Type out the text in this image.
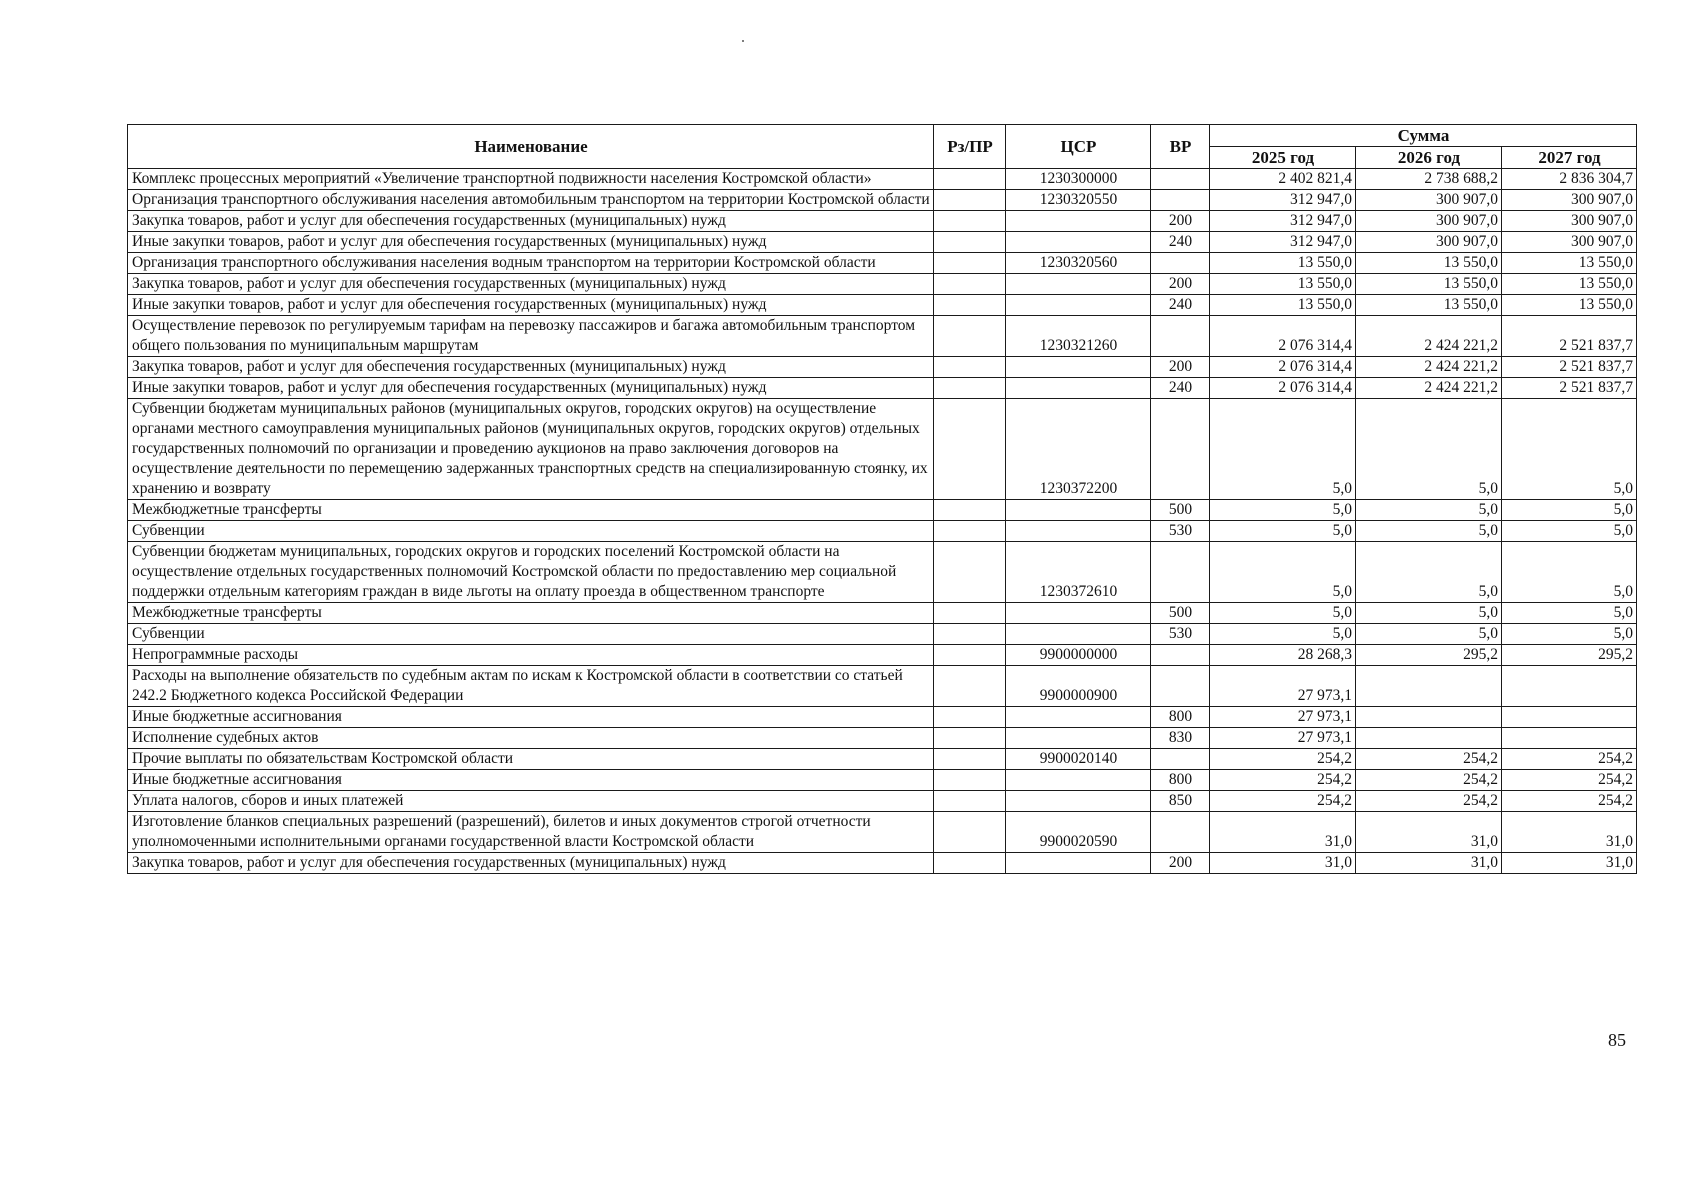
Наименование	Рз/ПР	ЦСР	ВР	Сумма		
				2025 год	2026 год	2027 год
Комплекс процессных мероприятий «Увеличение транспортной подвижности населения Костромской области»		1230300000		2 402 821,4	2 738 688,2	2 836 304,7
Организация транспортного обслуживания населения автомобильным транспортом на территории Костромской области		1230320550		312 947,0	300 907,0	300 907,0
Закупка товаров, работ и услуг для обеспечения государственных (муниципальных) нужд			200	312 947,0	300 907,0	300 907,0
Иные закупки товаров, работ и услуг для обеспечения государственных (муниципальных) нужд			240	312 947,0	300 907,0	300 907,0
Организация транспортного обслуживания населения водным транспортом на территории Костромской области		1230320560		13 550,0	13 550,0	13 550,0
Закупка товаров, работ и услуг для обеспечения государственных (муниципальных) нужд			200	13 550,0	13 550,0	13 550,0
Иные закупки товаров, работ и услуг для обеспечения государственных (муниципальных) нужд			240	13 550,0	13 550,0	13 550,0
Осуществление перевозок по регулируемым тарифам на перевозку пассажиров и багажа автомобильным транспортом общего пользования по муниципальным маршрутам		1230321260		2 076 314,4	2 424 221,2	2 521 837,7
Закупка товаров, работ и услуг для обеспечения государственных (муниципальных) нужд			200	2 076 314,4	2 424 221,2	2 521 837,7
Иные закупки товаров, работ и услуг для обеспечения государственных (муниципальных) нужд			240	2 076 314,4	2 424 221,2	2 521 837,7
Субвенции бюджетам муниципальных районов (муниципальных округов, городских округов) на осуществление органами местного самоуправления муниципальных районов (муниципальных округов, городских округов) отдельных государственных полномочий по организации и проведению аукционов на право заключения договоров на осуществление деятельности по перемещению задержанных транспортных средств на специализированную стоянку, их хранению и возврату		1230372200		5,0	5,0	5,0
Межбюджетные трансферты			500	5,0	5,0	5,0
Субвенции			530	5,0	5,0	5,0
Субвенции бюджетам муниципальных, городских округов и городских поселений Костромской области на осуществление отдельных государственных полномочий Костромской области по предоставлению мер социальной поддержки отдельным категориям граждан в виде льготы на оплату проезда в общественном транспорте		1230372610		5,0	5,0	5,0
Межбюджетные трансферты			500	5,0	5,0	5,0
Субвенции			530	5,0	5,0	5,0
Непрограммные расходы		9900000000		28 268,3	295,2	295,2
Расходы на выполнение обязательств по судебным актам по искам к Костромской области в соответствии со статьей 242.2 Бюджетного кодекса Российской Федерации		9900000900		27 973,1		
Иные бюджетные ассигнования			800	27 973,1		
Исполнение судебных актов			830	27 973,1		
Прочие выплаты по обязательствам Костромской области		9900020140		254,2	254,2	254,2
Иные бюджетные ассигнования			800	254,2	254,2	254,2
Уплата налогов, сборов и иных платежей			850	254,2	254,2	254,2
Изготовление бланков специальных разрешений (разрешений), билетов и иных документов строгой отчетности уполномоченными исполнительными органами государственной власти Костромской области		9900020590		31,0	31,0	31,0
Закупка товаров, работ и услуг для обеспечения государственных (муниципальных) нужд			200	31,0	31,0	31,0
85
